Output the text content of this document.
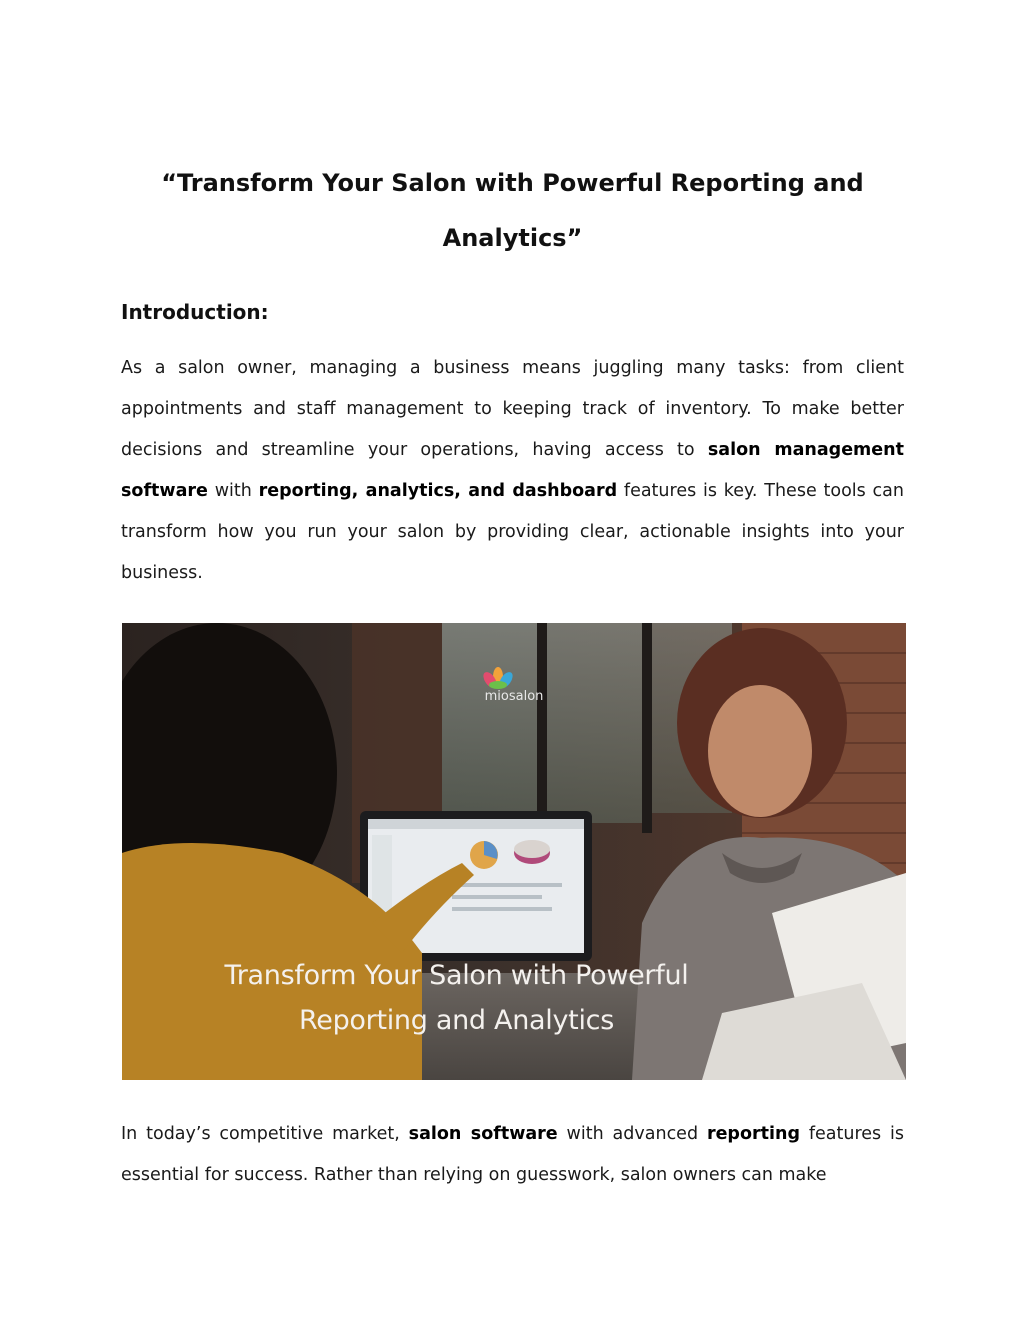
“Transform Your Salon with Powerful Reporting and Analytics”
Introduction:

As a salon owner, managing a business means juggling many tasks: from client appointments and staff management to keeping track of inventory. To make better decisions and streamline your operations, having access to salon management software with reporting, analytics, and dashboard features is key. These tools can transform how you run your salon by providing clear, actionable insights into your business.

miosalon
Transform Your Salon with Powerful
Reporting and Analytics

In today’s competitive market, salon software with advanced reporting features is essential for success. Rather than relying on guesswork, salon owners can make
